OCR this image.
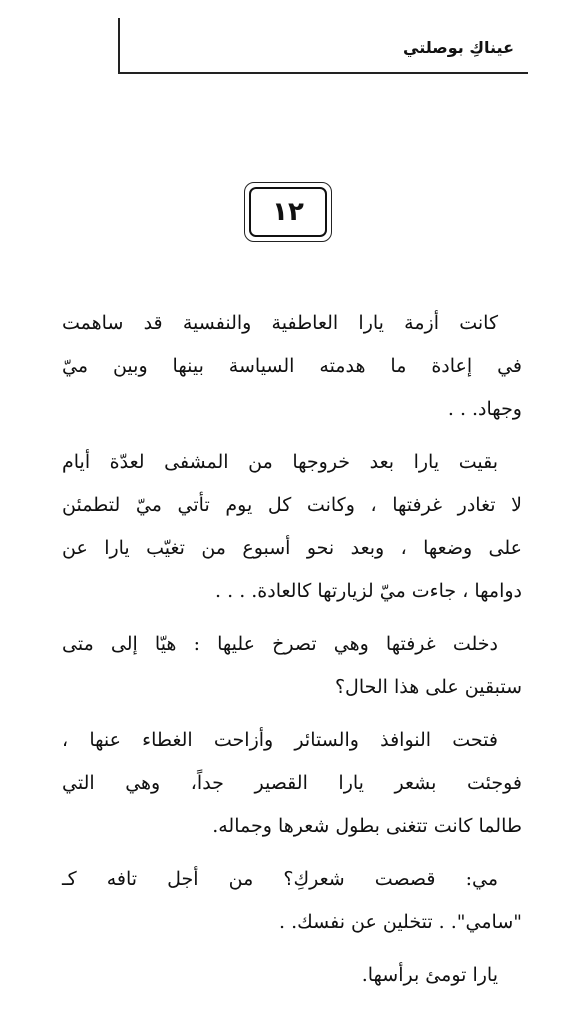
عيناكِ بوصلتي
١٢
كانت أزمة يارا العاطفية والنفسية قد ساهمت
في إعادة ما هدمته السياسة بينها وبين ميّ
وجهاد. . .
بقيت يارا بعد خروجها من المشفى لعدّة أيام
لا تغادر غرفتها ، وكانت كل يوم تأتي ميّ لتطمئن
على وضعها ، وبعد نحو أسبوع من تغيّب يارا عن
دوامها ، جاءت ميّ لزيارتها كالعادة. . . .
دخلت غرفتها وهي تصرخ عليها : هيّا إلى متى
ستبقين على هذا الحال؟
فتحت النوافذ والستائر وأزاحت الغطاء عنها ،
فوجئت بشعر يارا القصير جداً، وهي التي
طالما كانت تتغنى بطول شعرها وجماله.
مي: قصصت شعركِ؟ من أجل تافه كـ
"سامي". . تتخلين عن نفسك. .
يارا تومئ برأسها.
